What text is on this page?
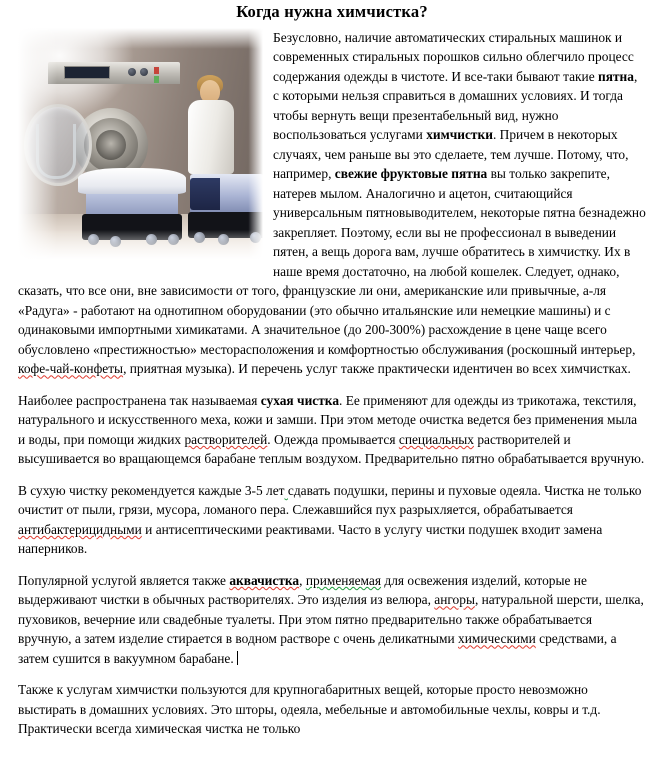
Когда нужна химчистка?

Безусловно, наличие автоматических стиральных машинок и современных стиральных порошков сильно облегчило процесс содержания одежды в чистоте. И все-таки бывают такие пятна, с которыми нельзя справиться в домашних условиях. И тогда чтобы вернуть вещи презентабельный вид, нужно воспользоваться услугами химчистки. Причем в некоторых случаях, чем раньше вы это сделаете, тем лучше. Потому, что, например, свежие фруктовые пятна вы только закрепите, натерев мылом. Аналогично и ацетон, считающийся универсальным пятновыводителем, некоторые пятна безнадежно закрепляет. Поэтому, если вы не профессионал в выведении пятен, а вещь дорога вам, лучше обратитесь в химчистку. Их в наше время достаточно, на любой кошелек. Следует, однако, сказать, что все они, вне зависимости от того, французские ли они, американские или привычные, а-ля «Радуга» - работают на однотипном оборудовании (это обычно итальянские или немецкие машины) и с одинаковыми импортными химикатами. А значительное (до 200-300%) расхождение в цене чаще всего обусловлено «престижностью» месторасположения и комфортностью обслуживания (роскошный интерьер, кофе-чай-конфеты, приятная музыка). И перечень услуг также практически идентичен во всех химчистках.

Наиболее распространена так называемая сухая чистка. Ее применяют для одежды из трикотажа, текстиля, натурального и искусственного меха, кожи и замши. При этом методе очистка ведется без применения мыла и воды, при помощи жидких растворителей. Одежда промывается специальных растворителей и высушивается во вращающемся барабане теплым воздухом. Предварительно пятно обрабатывается вручную.

В сухую чистку рекомендуется каждые 3-5 лет сдавать подушки, перины и пуховые одеяла. Чистка не только очистит от пыли, грязи, мусора, ломаного пера. Слежавшийся пух разрыхляется, обрабатывается антибактерицидными и антисептическими реактивами. Часто в услугу чистки подушек входит замена наперников.

Популярной услугой является также аквачистка, применяемая для освежения изделий, которые не выдерживают чистки в обычных растворителях. Это изделия из велюра, ангоры, натуральной шерсти, шелка, пуховиков, вечерние или свадебные туалеты. При этом пятно предварительно также обрабатывается вручную, а затем изделие стирается в водном растворе с очень деликатными химическими средствами, а затем сушится в вакуумном барабане.

Также к услугам химчистки пользуются для крупногабаритных вещей, которые просто невозможно выстирать в домашних условиях. Это шторы, одеяла, мебельные и автомобильные чехлы, ковры и т.д. Практически всегда химическая чистка не только
